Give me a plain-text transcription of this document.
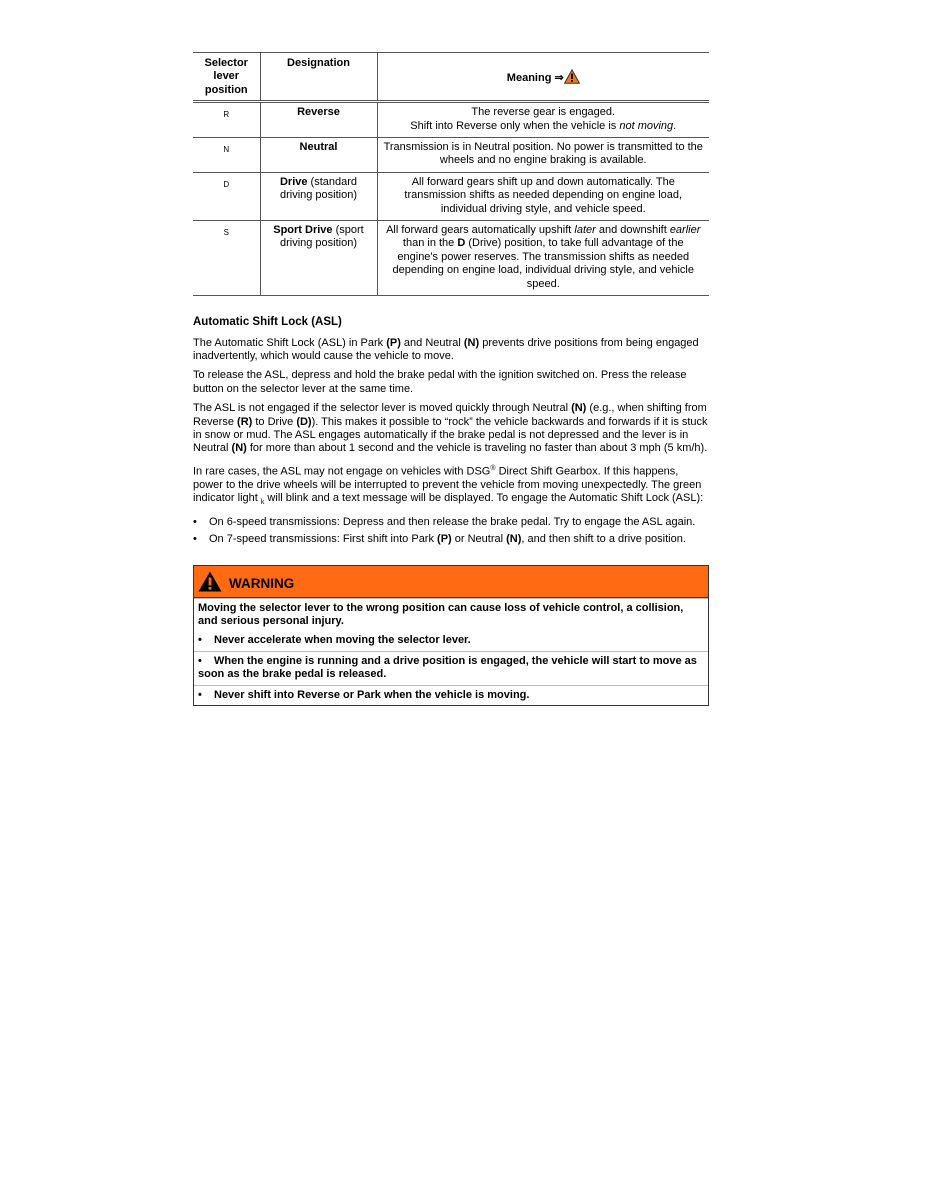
Selector lever position	Designation	Meaning ⇒
R	Reverse	The reverse gear is engaged.
Shift into Reverse only when the vehicle is not moving.
N	Neutral	Transmission is in Neutral position. No power is transmitted to the wheels and no engine braking is available.
D	Drive (standard driving position)	All forward gears shift up and down automatically. The transmission shifts as needed depending on engine load, individual driving style, and vehicle speed.
S	Sport Drive (sport driving position)	All forward gears automatically upshift later and downshift earlier than in the D (Drive) position, to take full advantage of the engine's power reserves. The transmission shifts as needed depending on engine load, individual driving style, and vehicle speed.
Automatic Shift Lock (ASL)

The Automatic Shift Lock (ASL) in Park (P) and Neutral (N) prevents drive positions from being engaged inadvertently, which would cause the vehicle to move.

To release the ASL, depress and hold the brake pedal with the ignition switched on. Press the release button on the selector lever at the same time.

The ASL is not engaged if the selector lever is moved quickly through Neutral (N) (e.g., when shifting from Reverse (R) to Drive (D)). This makes it possible to “rock” the vehicle backwards and forwards if it is stuck in snow or mud. The ASL engages automatically if the brake pedal is not depressed and the lever is in Neutral (N) for more than about 1 second and the vehicle is traveling no faster than about 3 mph (5 km/h).

In rare cases, the ASL may not engage on vehicles with DSG® Direct Shift Gearbox. If this happens, power to the drive wheels will be interrupted to prevent the vehicle from moving unexpectedly. The green indicator light $_k$ will blink and a text message will be displayed. To engage the Automatic Shift Lock (ASL):

• On 6-speed transmissions: Depress and then release the brake pedal. Try to engage the ASL again.
• On 7-speed transmissions: First shift into Park (P) or Neutral (N), and then shift to a drive position.
WARNING
Moving the selector lever to the wrong position can cause loss of vehicle control, a collision, and serious personal injury.
• Never accelerate when moving the selector lever.
• When the engine is running and a drive position is engaged, the vehicle will start to move as soon as the brake pedal is released.
• Never shift into Reverse or Park when the vehicle is moving.
